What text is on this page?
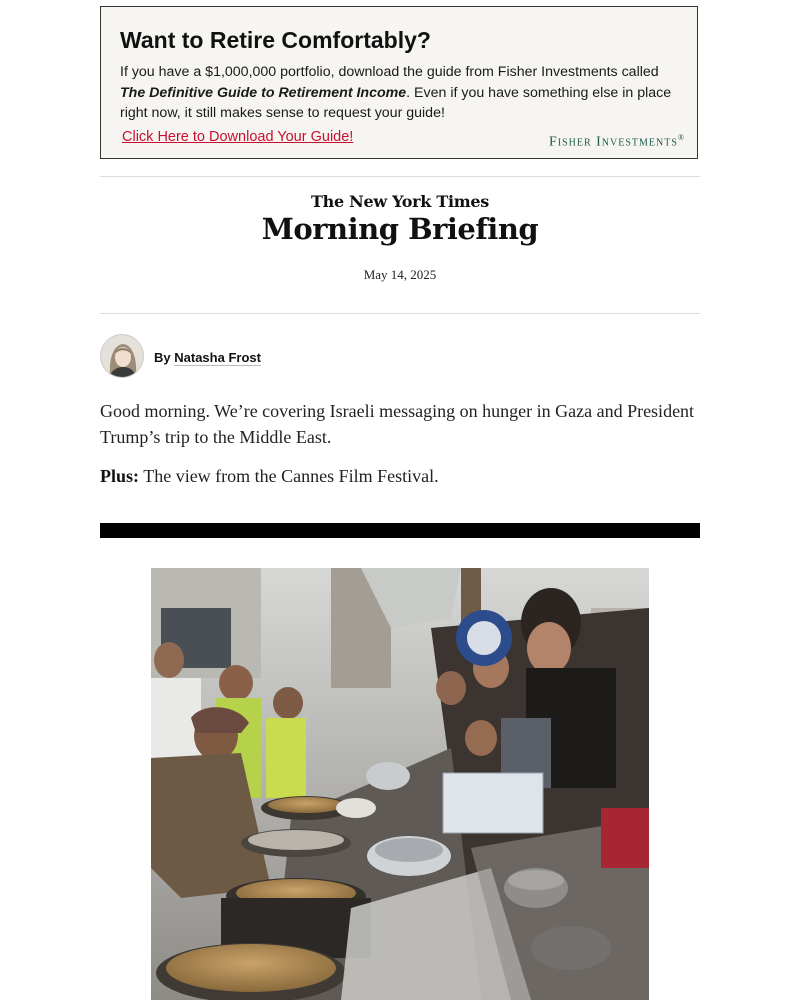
Want to Retire Comfortably?
If you have a $1,000,000 portfolio, download the guide from Fisher Investments called The Definitive Guide to Retirement Income. Even if you have something else in place right now, it still makes sense to request your guide!
Click Here to Download Your Guide!	Fisher Investments®
The New York Times
Morning Briefing
May 14, 2025
By Natasha Frost
Good morning. We’re covering Israeli messaging on hunger in Gaza and President Trump’s trip to the Middle East.
Plus: The view from the Cannes Film Festival.
